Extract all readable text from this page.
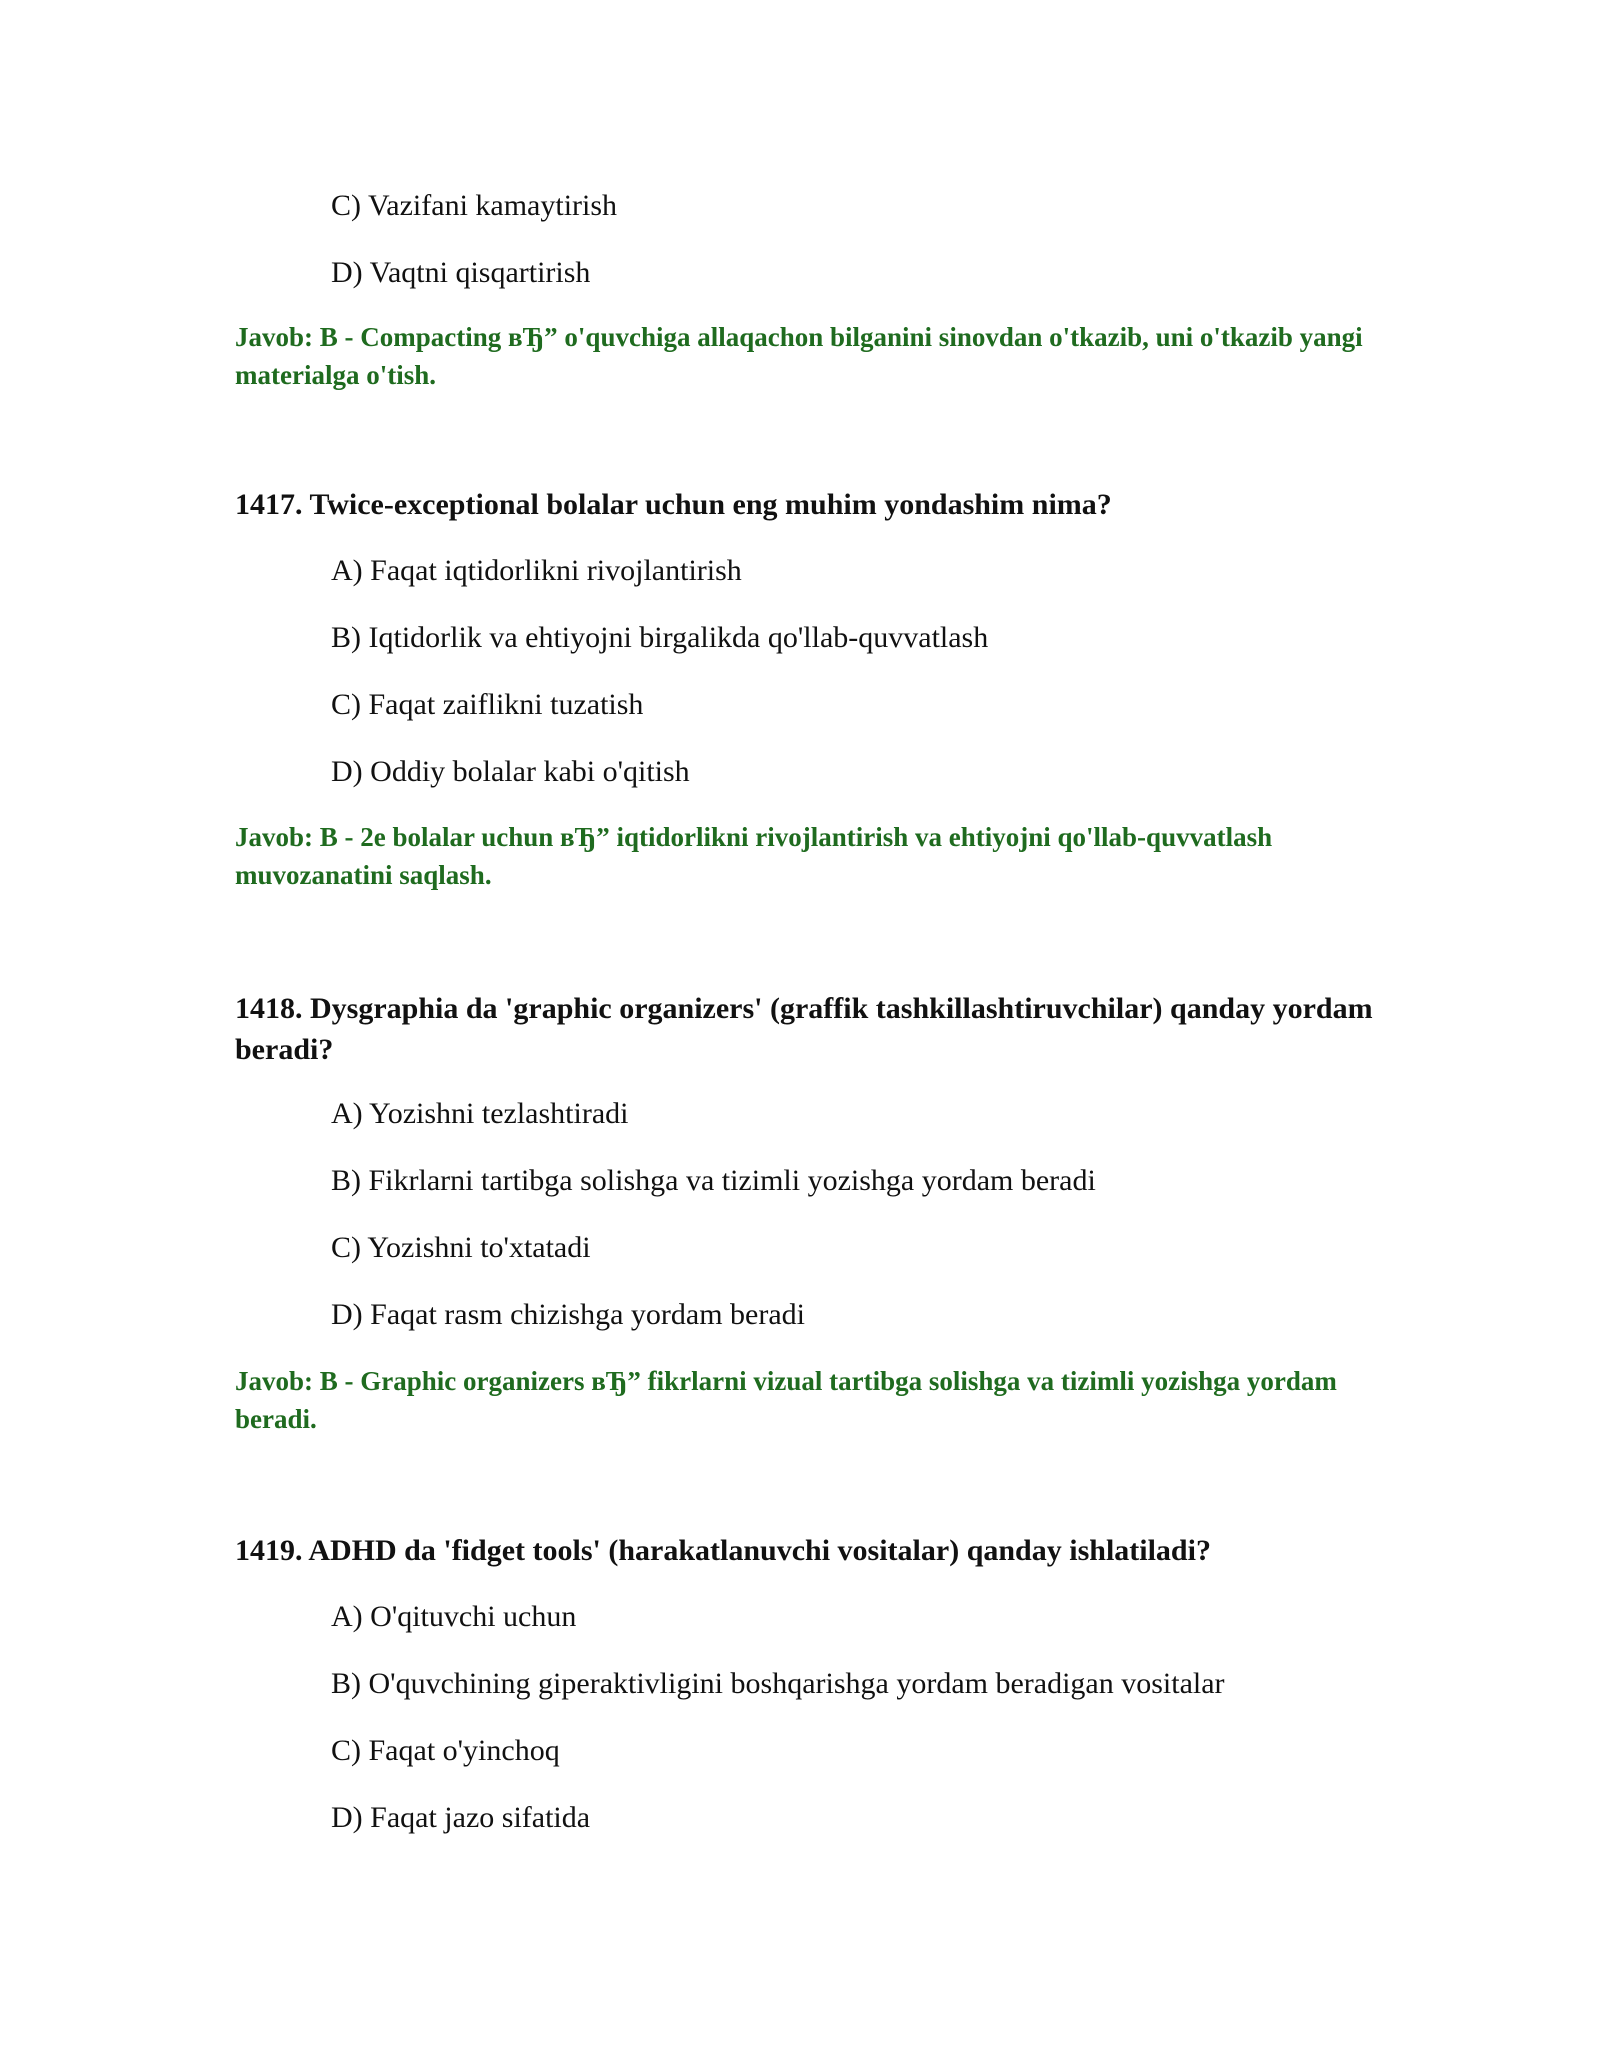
C) Vazifani kamaytirish
D) Vaqtni qisqartirish
Javob: B - Compacting вЂ” o'quvchiga allaqachon bilganini sinovdan o'tkazib, uni o'tkazib yangi materialga o'tish.
1417. Twice-exceptional bolalar uchun eng muhim yondashim nima?
A) Faqat iqtidorlikni rivojlantirish
B) Iqtidorlik va ehtiyojni birgalikda qo'llab-quvvatlash
C) Faqat zaiflikni tuzatish
D) Oddiy bolalar kabi o'qitish
Javob: B - 2e bolalar uchun вЂ” iqtidorlikni rivojlantirish va ehtiyojni qo'llab-quvvatlash muvozanatini saqlash.
1418. Dysgraphia da 'graphic organizers' (graffik tashkillashtiruvchilar) qanday yordam beradi?
A) Yozishni tezlashtiradi
B) Fikrlarni tartibga solishga va tizimli yozishga yordam beradi
C) Yozishni to'xtatadi
D) Faqat rasm chizishga yordam beradi
Javob: B - Graphic organizers вЂ” fikrlarni vizual tartibga solishga va tizimli yozishga yordam beradi.
1419. ADHD da 'fidget tools' (harakatlanuvchi vositalar) qanday ishlatiladi?
A) O'qituvchi uchun
B) O'quvchining giperaktivligini boshqarishga yordam beradigan vositalar
C) Faqat o'yinchoq
D) Faqat jazo sifatida
